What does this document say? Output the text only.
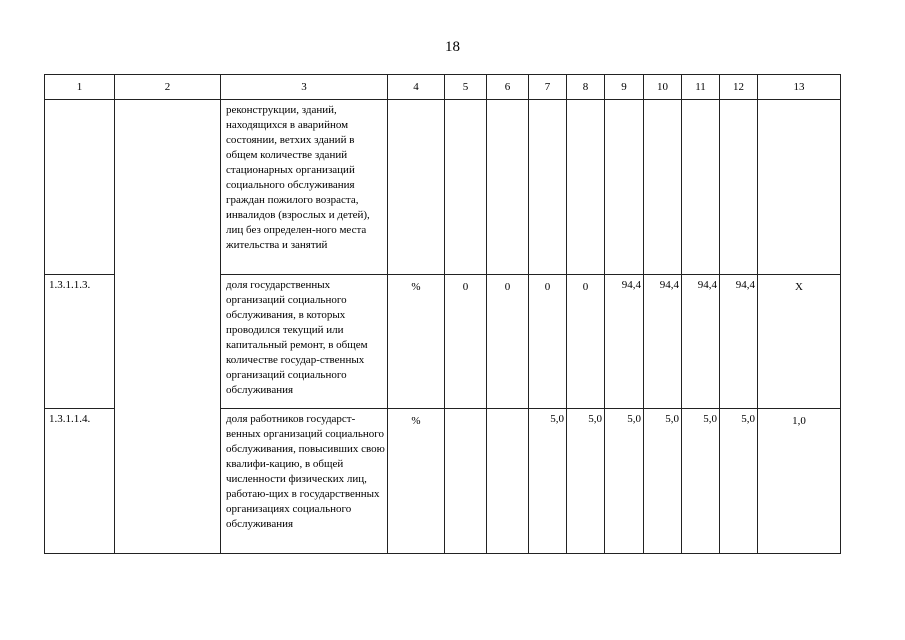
18
1	2	3	4	5	6	7	8	9	10	11	12	13
		реконструкции, зданий, находящихся в аварийном состоянии, ветхих зданий в общем количестве зданий стационарных организаций социального обслуживания граждан пожилого возраста, инвалидов (взрослых и детей), лиц без определен-ного места жительства и занятий										
1.3.1.1.3.		доля государственных организаций социального обслуживания, в которых проводился текущий или капитальный ремонт, в общем количестве государ-ственных организаций социального обслуживания	%	0	0	0	0	94,4	94,4	94,4	94,4	Х
1.3.1.1.4.		доля работников государст-венных организаций социального обслуживания, повысивших свою квалифи-кацию, в общей численности физических лиц, работаю-щих в государственных организациях социального обслуживания	%			5,0	5,0	5,0	5,0	5,0	5,0	1,0
